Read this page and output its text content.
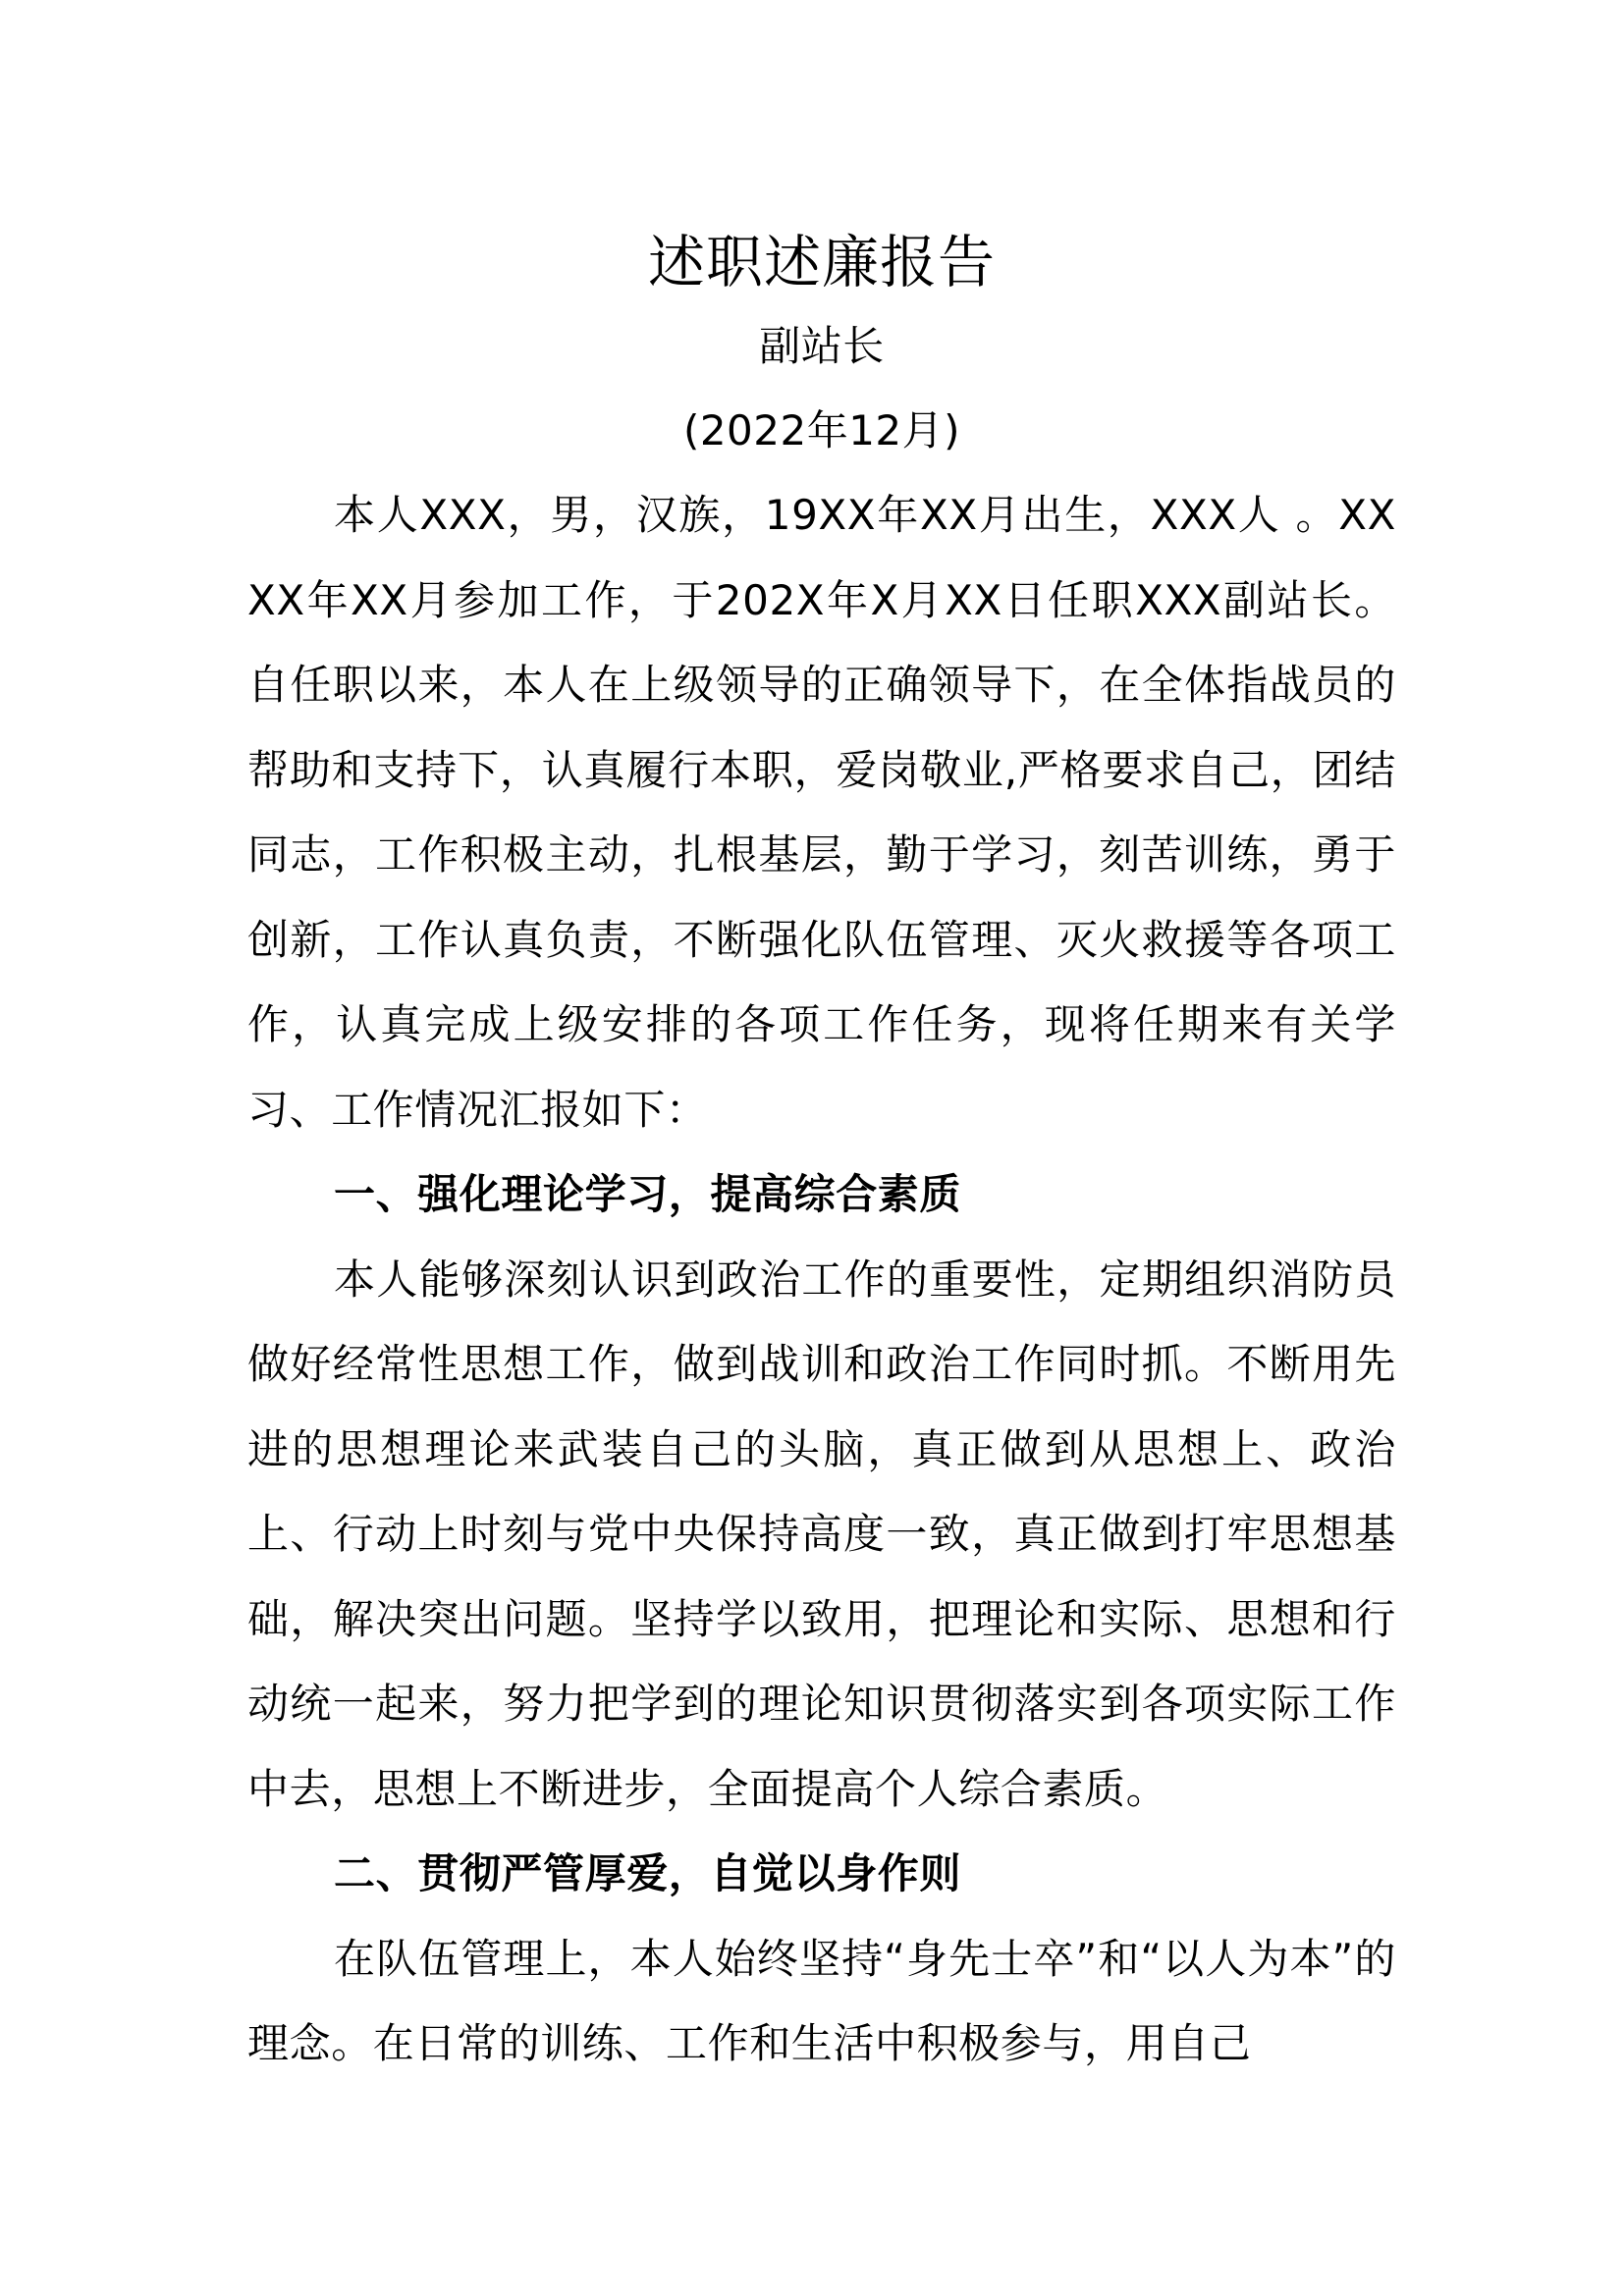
述职述廉报告

副站长

(2022年12月)

本人XXX，男，汉族，19XX年XX月出生，XXX人 。XXXX年XX月参加工作，于202X年X月XX日任职XXX副站长。自任职以来，本人在上级领导的正确领导下，在全体指战员的帮助和支持下，认真履行本职，爱岗敬业,严格要求自己，团结同志，工作积极主动，扎根基层，勤于学习，刻苦训练，勇于创新，工作认真负责，不断强化队伍管理、灭火救援等各项工作，认真完成上级安排的各项工作任务，现将任期来有关学习、工作情况汇报如下：

一、强化理论学习，提高综合素质

本人能够深刻认识到政治工作的重要性，定期组织消防员做好经常性思想工作，做到战训和政治工作同时抓。不断用先进的思想理论来武装自己的头脑，真正做到从思想上、政治上、行动上时刻与党中央保持高度一致，真正做到打牢思想基础，解决突出问题。坚持学以致用，把理论和实际、思想和行动统一起来，努力把学到的理论知识贯彻落实到各项实际工作中去，思想上不断进步，全面提高个人综合素质。

二、贯彻严管厚爱，自觉以身作则

在队伍管理上，本人始终坚持“身先士卒”和“以人为本”的理念。在日常的训练、工作和生活中积极参与，用自己
